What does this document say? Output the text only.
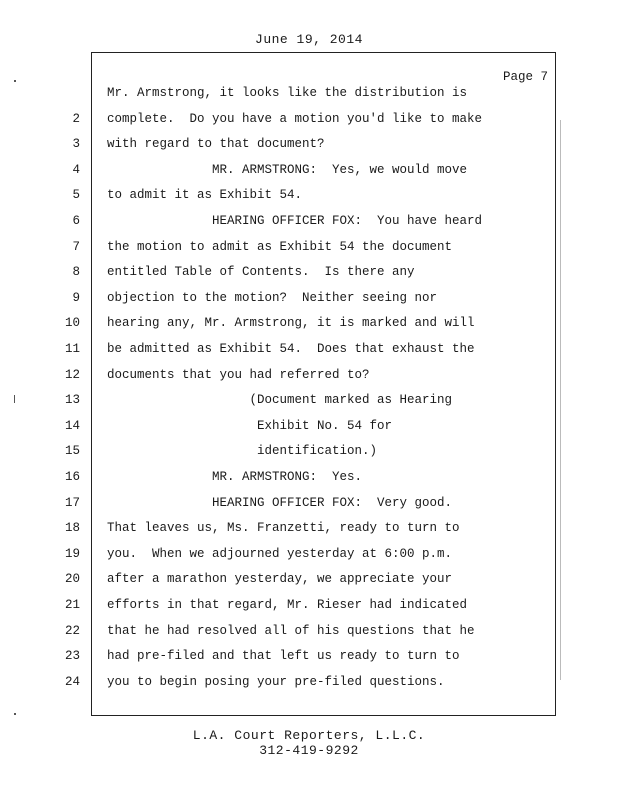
June 19, 2014
Page 7
Mr. Armstrong, it looks like the distribution is
2 complete.  Do you have a motion you'd like to make
3 with regard to that document?
4 MR. ARMSTRONG:  Yes, we would move
5 to admit it as Exhibit 54.
6 HEARING OFFICER FOX:  You have heard
7 the motion to admit as Exhibit 54 the document
8 entitled Table of Contents.  Is there any
9 objection to the motion?  Neither seeing nor
10 hearing any, Mr. Armstrong, it is marked and will
11 be admitted as Exhibit 54.  Does that exhaust the
12 documents that you had referred to?
13 (Document marked as Hearing
14 Exhibit No. 54 for
15 identification.)
16 MR. ARMSTRONG:  Yes.
17 HEARING OFFICER FOX:  Very good.
18 That leaves us, Ms. Franzetti, ready to turn to
19 you.  When we adjourned yesterday at 6:00 p.m.
20 after a marathon yesterday, we appreciate your
21 efforts in that regard, Mr. Rieser had indicated
22 that he had resolved all of his questions that he
23 had pre-filed and that left us ready to turn to
24 you to begin posing your pre-filed questions.
L.A. Court Reporters, L.L.C.
312-419-9292
